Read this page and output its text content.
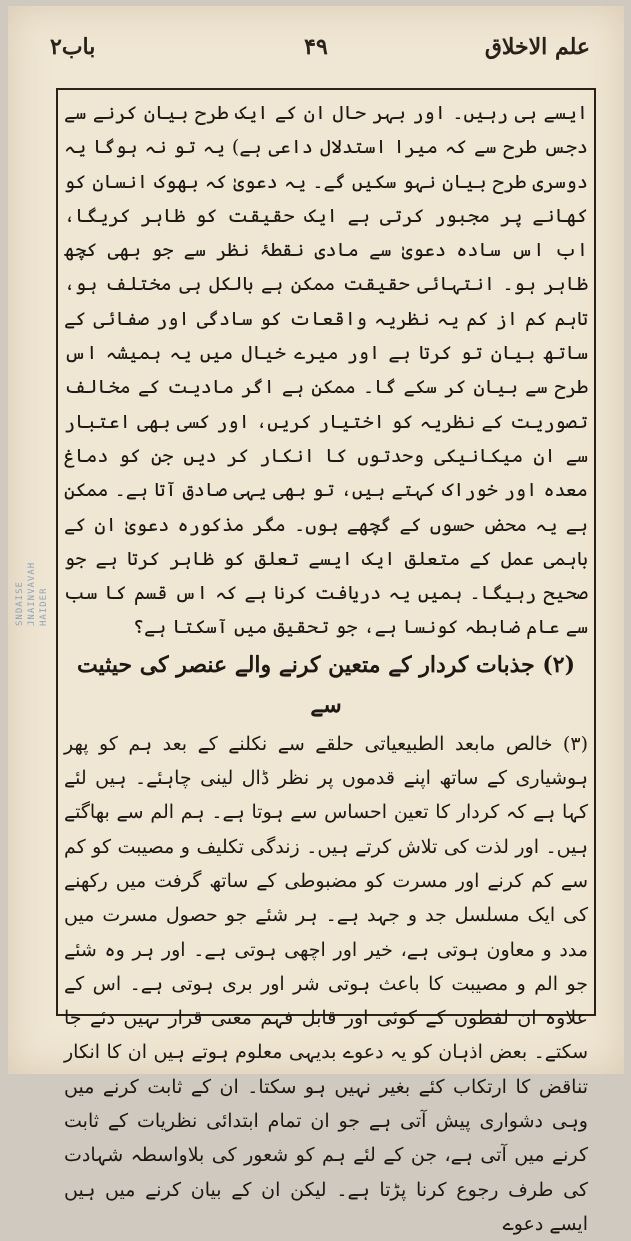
باب۲	۴۹	علم الاخلاق
SNDAISE JNAINVAVAH HAIDER

ایسے ہی رہیں۔ اور بہر حال ان کے ایک طرح بیان کرنے سے دجس طرح سے کہ میرا استدلال داعی ہے) یہ تو نہ ہوگا یہ دوسری طرح بیان نہو سکیں گے۔ یہ دعویٰ کہ بھوک انسان کو کھانے پر مجبور کرتی ہے ایک حقیقت کو ظاہر کریگا، اب اس سادہ دعویٰ سے مادی نقطۂ نظر سے جو بھی کچھ ظاہر ہو۔ انتہائی حقیقت ممکن ہے بالکل ہی مختلف ہو، تاہم کم از کم یہ نظریہ واقعات کو سادگی اور صفائی کے ساتھ بیان تو کرتا ہے اور میرے خیال میں یہ ہمیشہ اس طرح سے بیان کر سکے گا۔ ممکن ہے اگر مادیت کے مخالف تصوریت کے نظریہ کو اختیار کریں، اور کسی بھی اعتبار سے ان میکانیکی وحدتوں کا انکار کر دیں جن کو دماغ معدہ اور خوراک کہتے ہیں، تو بھی یہی صادق آتا ہے۔ ممکن ہے یہ محض حسوں کے گچھے ہوں۔ مگر مذکورہ دعویٰ ان کے باہمی عمل کے متعلق ایک ایسے تعلق کو ظاہر کرتا ہے جو صحیح رہیگا۔ ہمیں یہ دریافت کرنا ہے کہ اس قسم کا سب سے عام ضابطہ کونسا ہے، جو تحقیق میں آسکتا ہے؟

(۲) جذبات کردار کے متعین کرنے والے عنصر کی حیثیت سے

(۳) خالص مابعد الطبیعیاتی حلقے سے نکلنے کے بعد ہم کو پھر ہوشیاری کے ساتھ اپنے قدموں پر نظر ڈال لینی چاہئے۔ ہیں لئے کہا ہے کہ کردار کا تعین احساس سے ہوتا ہے۔ ہم الم سے بھاگتے ہیں۔ اور لذت کی تلاش کرتے ہیں۔ زندگی تکلیف و مصیبت کو کم سے کم کرنے اور مسرت کو مضبوطی کے ساتھ گرفت میں رکھنے کی ایک مسلسل جد و جہد ہے۔ ہر شئے جو حصول مسرت میں مدد و معاون ہوتی ہے، خیر اور اچھی ہوتی ہے۔ اور ہر وہ شئے جو الم و مصیبت کا باعث ہوتی شر اور بری ہوتی ہے۔ اس کے علاوہ ان لفظوں کے کوئی اور قابل فہم معنی قرار نہیں دئے جا سکتے۔ بعض اذہان کو یہ دعوے بدیہی معلوم ہوتے ہیں ان کا انکار تناقض کا ارتکاب کئے بغیر نہیں ہو سکتا۔ ان کے ثابت کرنے میں وہی دشواری پیش آتی ہے جو ان تمام ابتدائی نظریات کے ثابت کرنے میں آتی ہے، جن کے لئے ہم کو شعور کی بلاواسطہ شہادت کی طرف رجوع کرنا پڑتا ہے۔ لیکن ان کے بیان کرنے میں ہیں ایسے دعوے
